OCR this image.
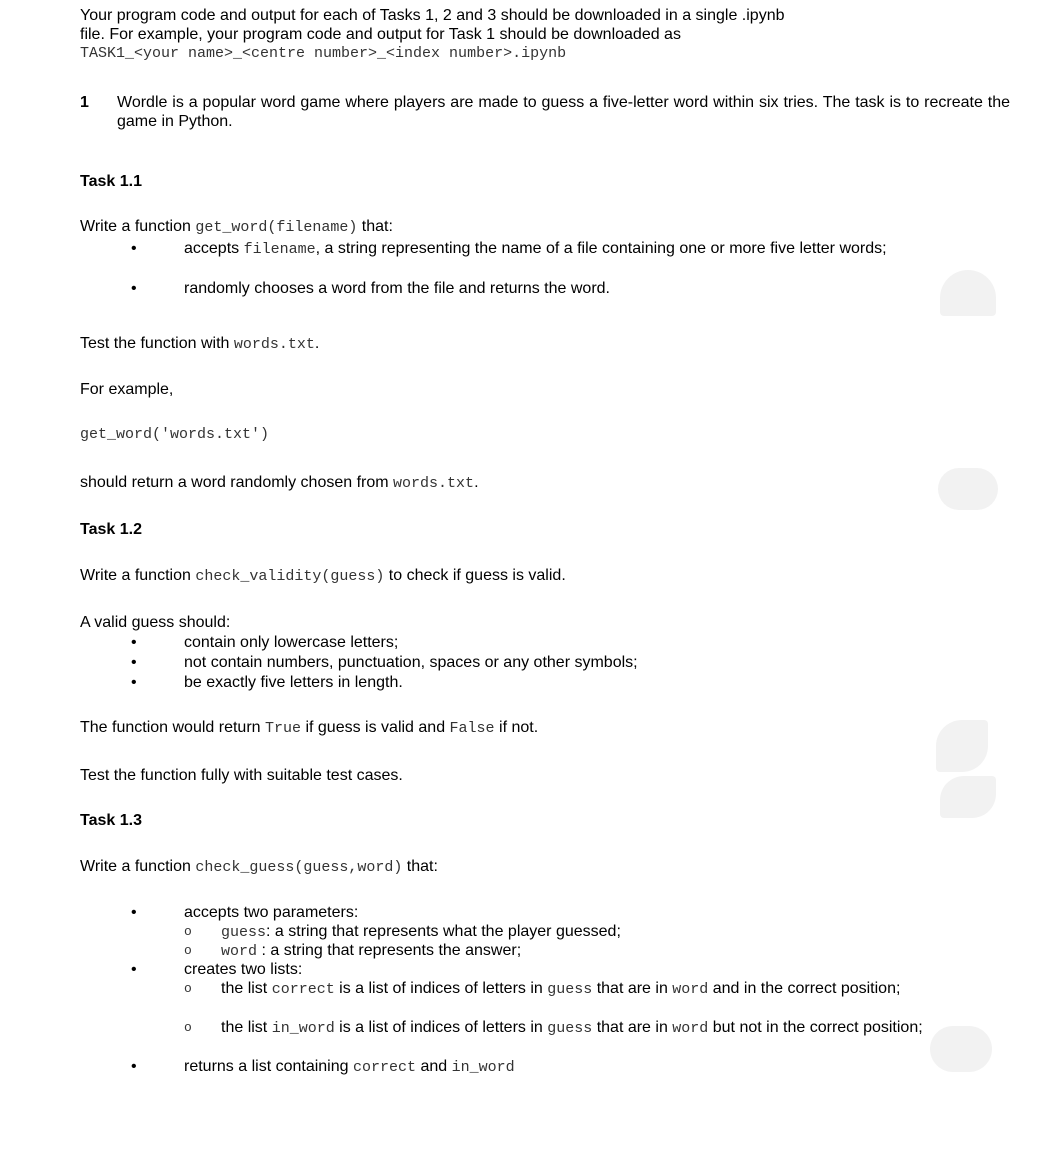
Your program code and output for each of Tasks 1, 2 and 3 should be downloaded in a single .ipynb

file. For example, your program code and output for Task 1 should be downloaded as

TASK1_<your name>_<centre number>_<index number>.ipynb

1 Wordle is a popular word game where players are made to guess a five-letter word within six tries. The task is to recreate the game in Python.

Task 1.1

Write a function get_word(filename) that:

•	accepts filename, a string representing the name of a file containing one or more five letter words;

•	randomly chooses a word from the file and returns the word.

Test the function with words.txt.

For example,

get_word('words.txt')

should return a word randomly chosen from words.txt.

Task 1.2

Write a function check_validity(guess) to check if guess is valid.

A valid guess should:

•	contain only lowercase letters;

•	not contain numbers, punctuation, spaces or any other symbols;

•	be exactly five letters in length.

The function would return True if guess is valid and False if not.

Test the function fully with suitable test cases.

Task 1.3

Write a function check_guess(guess,word) that:

•	accepts two parameters:

o guess: a string that represents what the player guessed;

o word : a string that represents the answer;

•	creates two lists:

o the list correct is a list of indices of letters in guess that are in word and in the correct position;

o the list in_word is a list of indices of letters in guess that are in word but not in the correct position;

•	returns a list containing correct and in_word
